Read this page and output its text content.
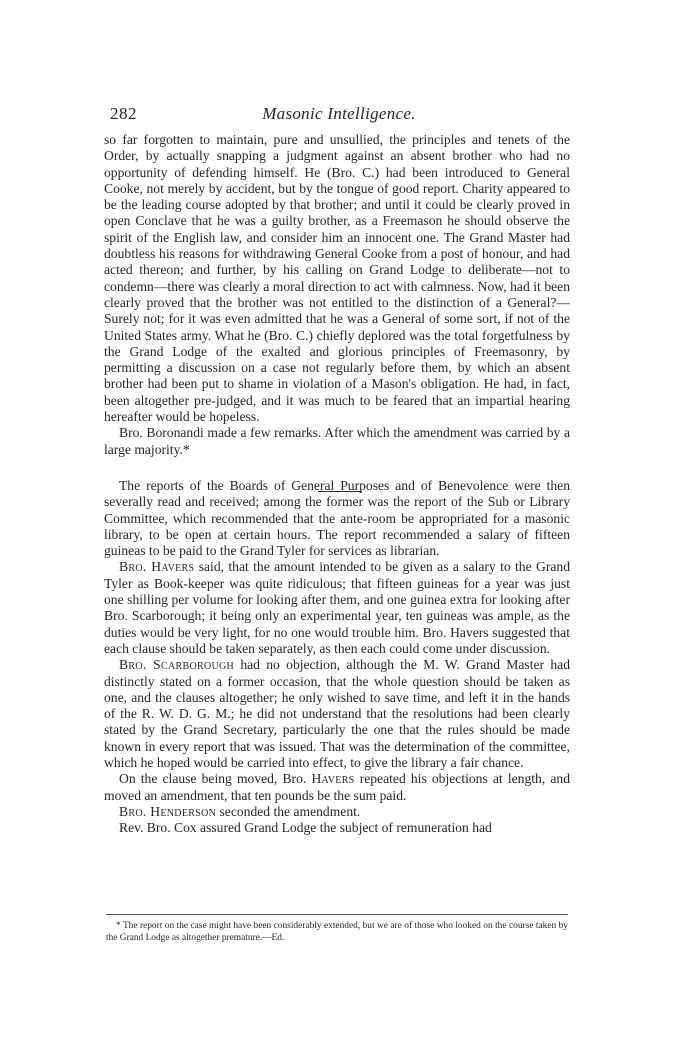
282	Masonic Intelligence.

so far forgotten to maintain, pure and unsullied, the principles and tenets of the Order, by actually snapping a judgment against an absent brother who had no opportunity of defending himself. He (Bro. C.) had been introduced to General Cooke, not merely by accident, but by the tongue of good report. Charity appeared to be the leading course adopted by that brother; and until it could be clearly proved in open Conclave that he was a guilty brother, as a Freemason he should observe the spirit of the English law, and consider him an innocent one. The Grand Master had doubtless his reasons for withdrawing General Cooke from a post of honour, and had acted thereon; and further, by his calling on Grand Lodge to deliberate—not to condemn—there was clearly a moral direction to act with calmness. Now, had it been clearly proved that the brother was not entitled to the distinction of a General?—Surely not; for it was even admitted that he was a General of some sort, if not of the United States army. What he (Bro. C.) chiefly deplored was the total forgetfulness by the Grand Lodge of the exalted and glorious principles of Freemasonry, by permitting a discussion on a case not regularly before them, by which an absent brother had been put to shame in violation of a Mason's obligation. He had, in fact, been altogether pre-judged, and it was much to be feared that an impartial hearing hereafter would be hopeless.

Bro. Boronandi made a few remarks. After which the amendment was carried by a large majority.*

The reports of the Boards of General Purposes and of Benevolence were then severally read and received; among the former was the report of the Sub or Library Committee, which recommended that the ante-room be appropriated for a masonic library, to be open at certain hours. The report recommended a salary of fifteen guineas to be paid to the Grand Tyler for services as librarian.

Bro. Havers said, that the amount intended to be given as a salary to the Grand Tyler as Book-keeper was quite ridiculous; that fifteen guineas for a year was just one shilling per volume for looking after them, and one guinea extra for looking after Bro. Scarborough; it being only an experimental year, ten guineas was ample, as the duties would be very light, for no one would trouble him. Bro. Havers suggested that each clause should be taken separately, as then each could come under discussion.

Bro. Scarborough had no objection, although the M. W. Grand Master had distinctly stated on a former occasion, that the whole question should be taken as one, and the clauses altogether; he only wished to save time, and left it in the hands of the R. W. D. G. M.; he did not understand that the resolutions had been clearly stated by the Grand Secretary, particularly the one that the rules should be made known in every report that was issued. That was the determination of the committee, which he hoped would be carried into effect, to give the library a fair chance.

On the clause being moved, Bro. Havers repeated his objections at length, and moved an amendment, that ten pounds be the sum paid.

Bro. Henderson seconded the amendment.

Rev. Bro. Cox assured Grand Lodge the subject of remuneration had

* The report on the case might have been considerably extended, but we are of those who looked on the course taken by the Grand Lodge as altogether premature.—Ed.
